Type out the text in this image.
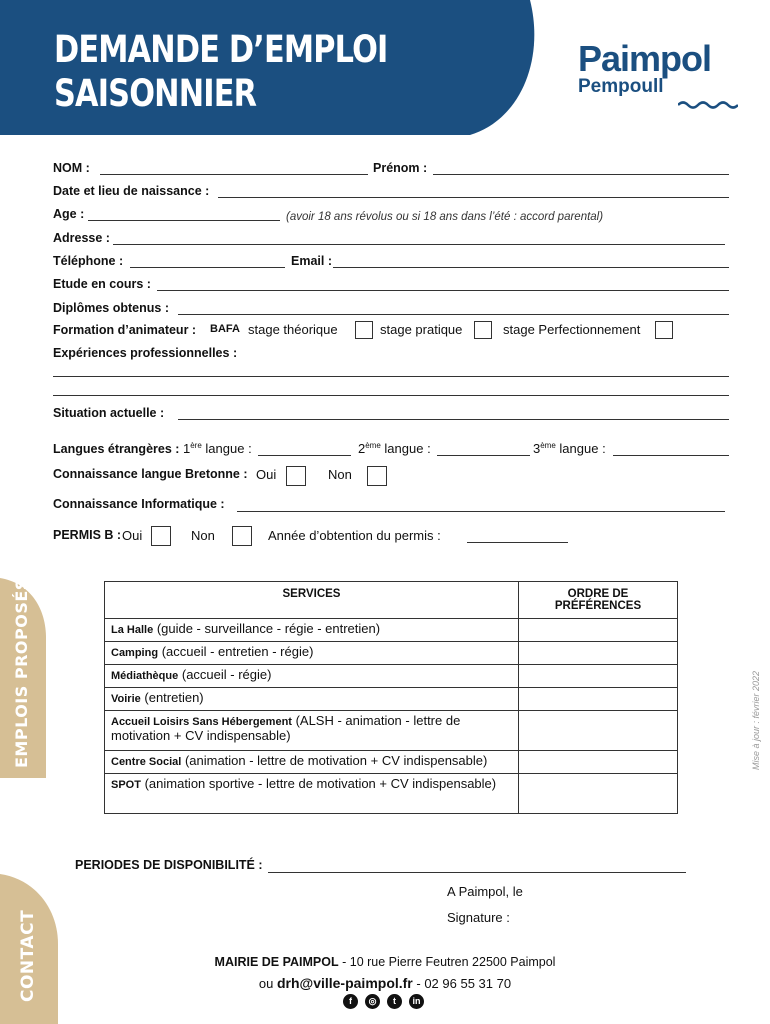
DEMANDE D’EMPLOI
SAISONNIER
Paimpol
Pempoull
NOM :	Prénom :
Date et lieu de naissance :
Age :	(avoir 18 ans révolus ou si 18 ans dans l’été : accord parental)
Adresse :
Téléphone :	Email :
Etude en cours :
Diplômes obtenus :
Formation d’animateur : BAFA stage théorique	stage pratique	stage Perfectionnement
Expériences professionnelles :
Situation actuelle :
Langues étrangères : 1ère langue :	2ème langue :	3ème langue :
Connaissance langue Bretonne : Oui	Non
Connaissance Informatique :
PERMIS B : Oui	Non	Année d’obtention du permis :
EMPLOIS PROPOSÉS	SERVICES	ORDRE DE PRÉFÉRENCES
La Halle (guide - surveillance - régie - entretien)	
Camping (accueil - entretien - régie)	
Médiathèque (accueil - régie)	
Voirie (entretien)	
Accueil Loisirs Sans Hébergement (ALSH - animation - lettre de motivation + CV indispensable)	
Centre Social (animation - lettre de motivation + CV indispensable)	
SPOT (animation sportive - lettre de motivation + CV indispensable)	
Mise à jour : février 2022
PERIODES DE DISPONIBILITÉ :
A Paimpol, le
Signature :
CONTACT	MAIRIE DE PAIMPOL - 10 rue Pierre Feutren 22500 Paimpol
ou drh@ville-paimpol.fr - 02 96 55 31 70
f	◎	t	in
